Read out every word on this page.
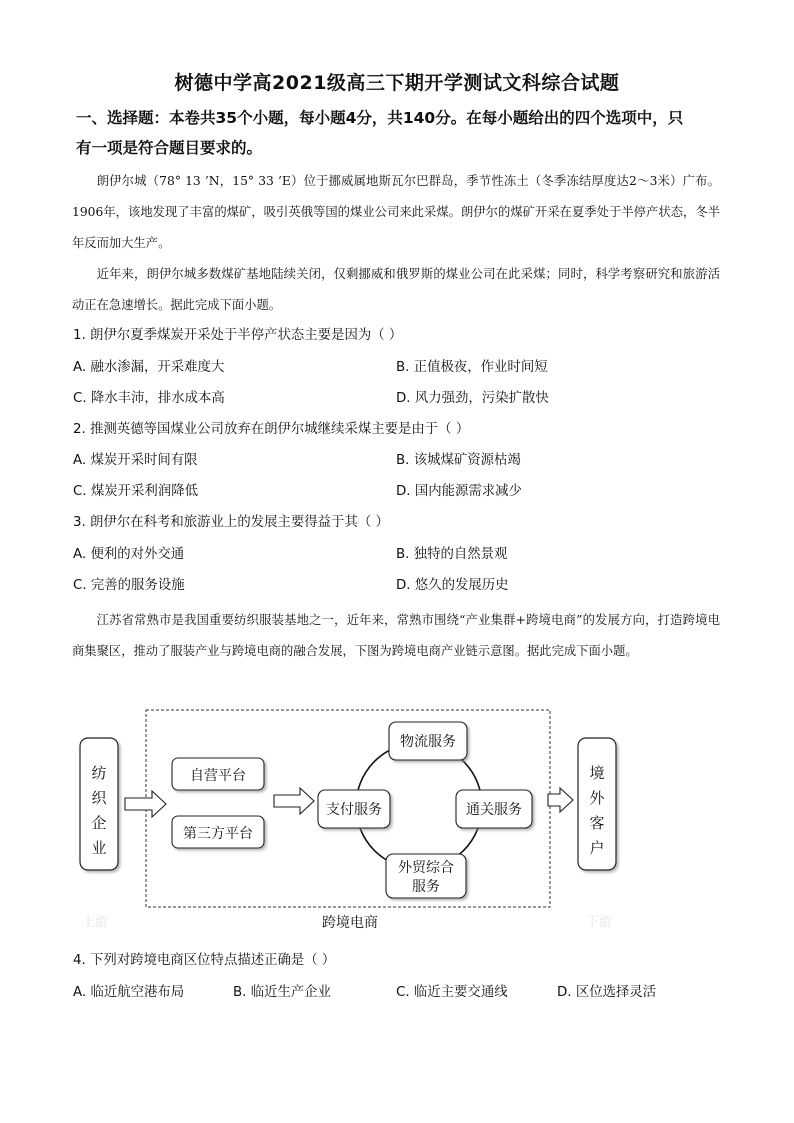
树德中学高2021级高三下期开学测试文科综合试题
一、选择题：本卷共35个小题，每小题4分，共140分。在每小题给出的四个选项中，只
有一项是符合题目要求的。
朗伊尔城（78° 13 ’N，15° 33 ’E）位于挪威属地斯瓦尔巴群岛，季节性冻土（冬季冻结厚度达2～3米）广布。1906年，该地发现了丰富的煤矿，吸引英俄等国的煤业公司来此采煤。朗伊尔的煤矿开采在夏季处于半停产状态，冬半年反而加大生产。
近年来，朗伊尔城多数煤矿基地陆续关闭，仅剩挪威和俄罗斯的煤业公司在此采煤；同时，科学考察研究和旅游活动正在急速增长。据此完成下面小题。
1. 朗伊尔夏季煤炭开采处于半停产状态主要是因为（ ）
A. 融水渗漏，开采难度大	B. 正值极夜，作业时间短
C. 降水丰沛，排水成本高	D. 风力强劲，污染扩散快
2. 推测英德等国煤业公司放弃在朗伊尔城继续采煤主要是由于（ ）
A. 煤炭开采时间有限	B. 该城煤矿资源枯竭
C. 煤炭开采利润降低	D. 国内能源需求减少
3. 朗伊尔在科考和旅游业上的发展主要得益于其（ ）
A. 便利的对外交通	B. 独特的自然景观
C. 完善的服务设施	D. 悠久的发展历史
江苏省常熟市是我国重要纺织服装基地之一，近年来，常熟市围绕“产业集群+跨境电商”的发展方向，打造跨境电商集聚区，推动了服装产业与跨境电商的融合发展，下图为跨境电商产业链示意图。据此完成下面小题。
纺
织
企
业
自营平台
第三方平台
物流服务
支付服务	通关服务
外贸综合
服务
境
外
客
户
上游	跨境电商	下游
4. 下列对跨境电商区位特点描述正确是（ ）
A. 临近航空港布局	B. 临近生产企业	C. 临近主要交通线	D. 区位选择灵活
